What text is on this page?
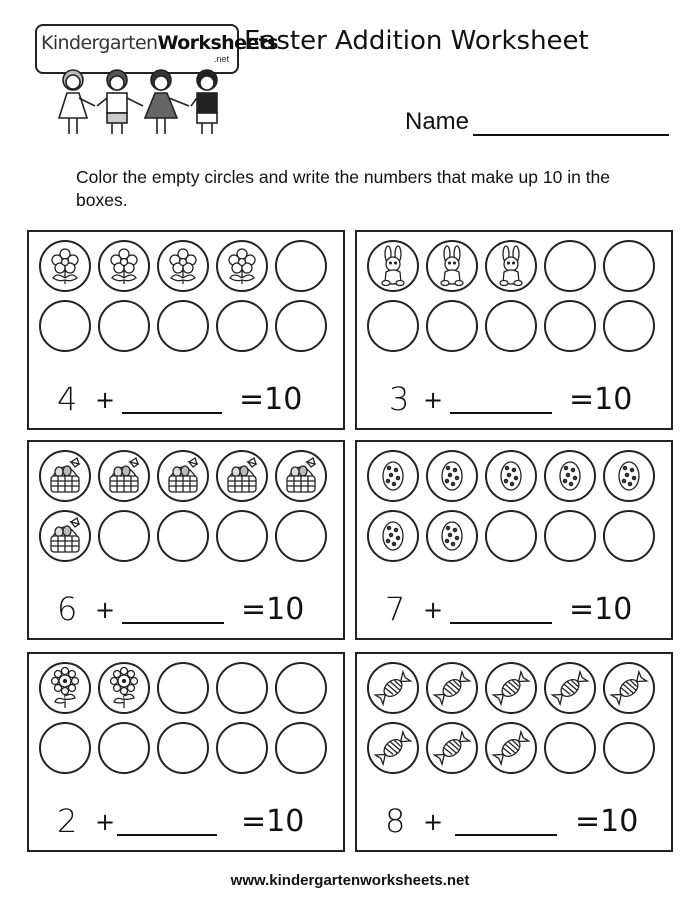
KindergartenWorksheets
.net
Easter Addition Worksheet
Name
Color the empty circles and write the numbers that make up 10 in the boxes.
4 +	=10	3 +	=10
6 +	=10	7 +	=10
2 +	=10	8 +	=10
www.kindergartenworksheets.net
